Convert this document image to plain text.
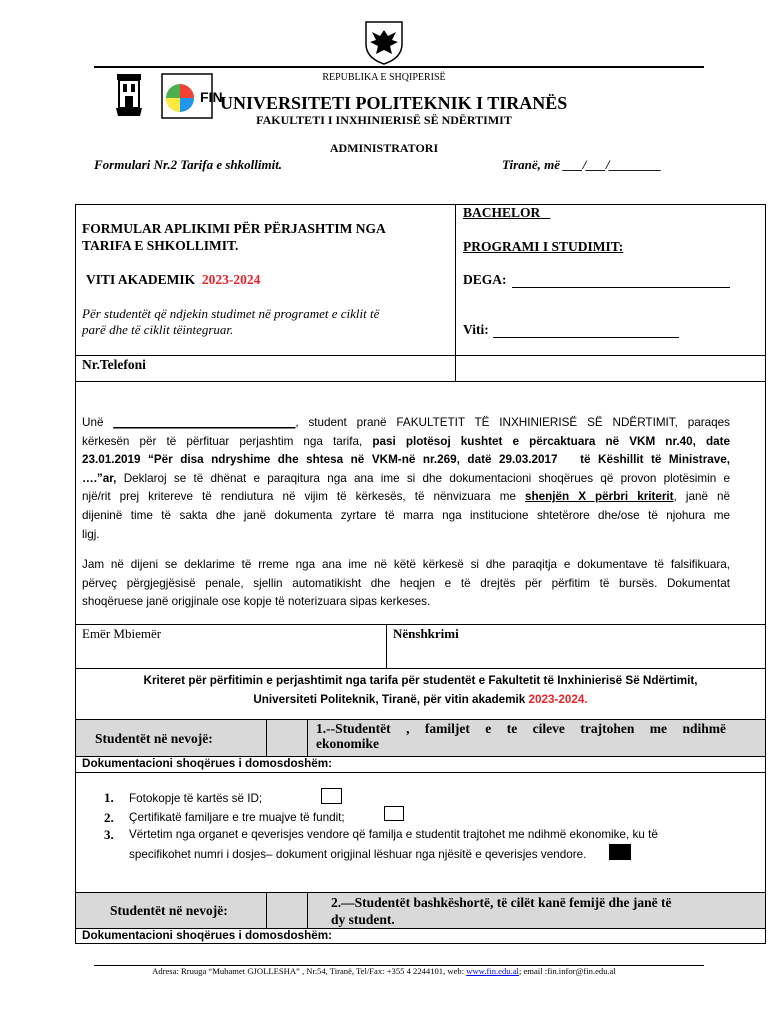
FIN
REPUBLIKA E SHQIPERISË
UNIVERSITETI POLITEKNIK I TIRANËS
FAKULTETI I INXHINIERISË SË NDËRTIMIT
ADMINISTRATORI
Formulari Nr.2 Tarifa e shkollimit.	Tiranë, më ___/___/________
FORMULAR APLIKIMI PËR PËRJASHTIM NGA
TARIFA E SHKOLLIMIT.
VITI AKADEMIK 2023-2024
Për studentët që ndjekin studimet në programet e ciklit të
parë dhe të ciklit tëintegruar.
BACHELOR
PROGRAMI I STUDIMIT:
DEGA:
Viti:
Nr.Telefoni
Unë ____________________________, student pranë FAKULTETIT TË INXHINIERISË SË NDËRTIMIT, paraqes
kërkesën për të përfituar perjashtim nga tarifa, pasi plotësoj kushtet e përcaktuara në VKM nr.40, date
23.01.2019 “Për disa ndryshime dhe shtesa në VKM-në nr.269, datë 29.03.2017 të Këshillit të Ministrave,
….”ar, Deklaroj se të dhënat e paraqitura nga ana ime si dhe dokumentacioni shoqërues që provon plotësimin e
një/rit prej kritereve të rendiutura në vijim të kërkesës, të nënvizuara me shenjën X përbri kriterit, janë në
dijeninë time të sakta dhe janë dokumenta zyrtare të marra nga institucione shtetërore dhe/ose të njohura me
ligj.
Jam në dijeni se deklarime të rreme nga ana ime në këtë kërkesë si dhe paraqitja e dokumentave të falsifikuara,
përveç përgjegjësisë penale, sjellin automatikisht dhe heqjen e të drejtës për përfitim të bursës. Dokumentat
shoqëruese janë origjinale ose kopje të noterizuara sipas kerkeses.
Emër Mbiemër	Nënshkrimi
Kriteret për përfitimin e perjashtimit nga tarifa për studentët e Fakultetit të Inxhinierisë Së Ndërtimit,
Universiteti Politeknik, Tiranë, për vitin akademik 2023-2024.
Studentët në nevojë:
1.--Studentët , familjet e te cileve trajtohen me ndihmë
ekonomike
Dokumentacioni shoqërues i domosdoshëm:
1. Fotokopje të kartës së ID;
2. Çertifikatë familjare e tre muajve të fundit;
3. Vërtetim nga organet e qeverisjes vendore që familja e studentit trajtohet me ndihmë ekonomike, ku të
specifikohet numri i dosjes– dokument origjinal lëshuar nga njësitë e qeverisjes vendore.
Studentët në nevojë:
2.—Studentët bashkëshortë, të cilët kanë femijë dhe janë të
dy student.
Dokumentacioni shoqërues i domosdoshëm:
Adresa: Rruuga “Muhamet GJOLLESHA” , Nr.54, Tiranë, Tel/Fax: +355 4 2244101, web: www.fin.edu.al; email :fin.infor@fin.edu.al
